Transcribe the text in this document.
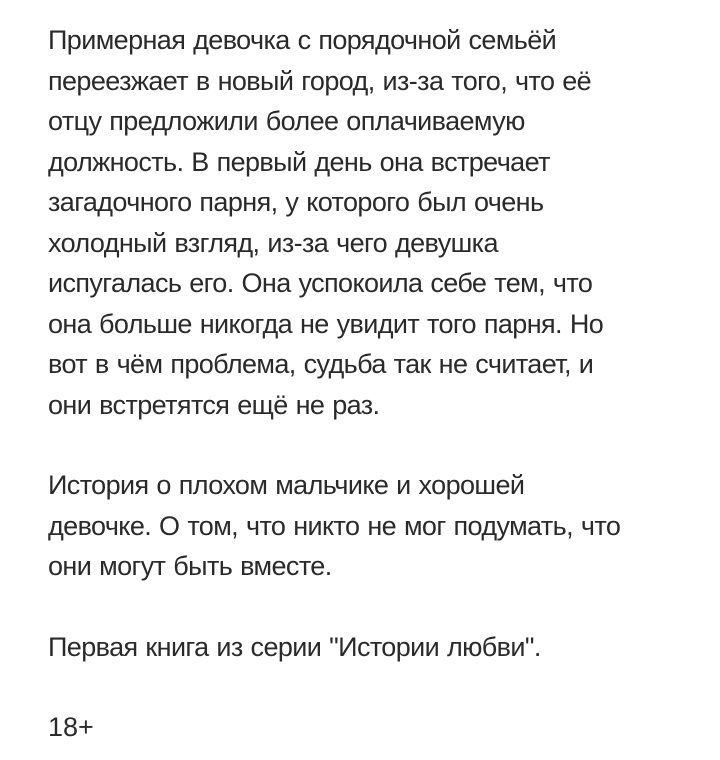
Примерная девочка с порядочной семьёй
переезжает в новый город, из-за того, что её
отцу предложили более оплачиваемую
должность. В первый день она встречает
загадочного парня, у которого был очень
холодный взгляд, из-за чего девушка
испугалась его. Она успокоила себе тем, что
она больше никогда не увидит того парня. Но
вот в чём проблема, судьба так не считает, и
они встретятся ещё не раз.

История о плохом мальчике и хорошей
девочке. О том, что никто не мог подумать, что
они могут быть вместе.

Первая книга из серии "Истории любви".

18+
